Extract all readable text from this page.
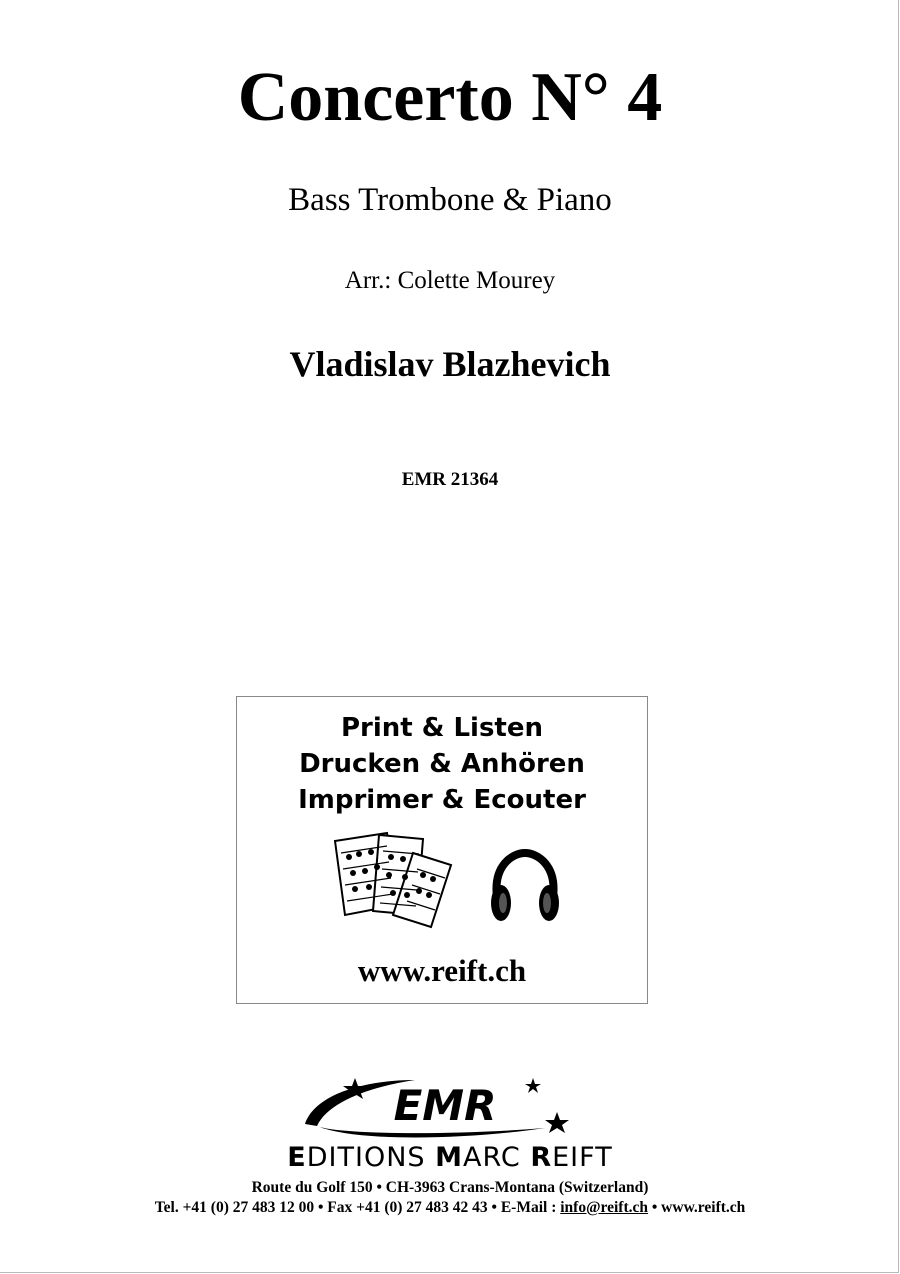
Concerto N° 4
Bass Trombone & Piano
Arr.: Colette Mourey
Vladislav Blazhevich
EMR 21364
Print & Listen
Drucken & Anhören
Imprimer & Ecouter
www.reift.ch
EMR
EDITIONS MARC REIFT
Route du Golf 150 • CH-3963 Crans-Montana (Switzerland)
Tel. +41 (0) 27 483 12 00 • Fax +41 (0) 27 483 42 43 • E-Mail : info@reift.ch • www.reift.ch
